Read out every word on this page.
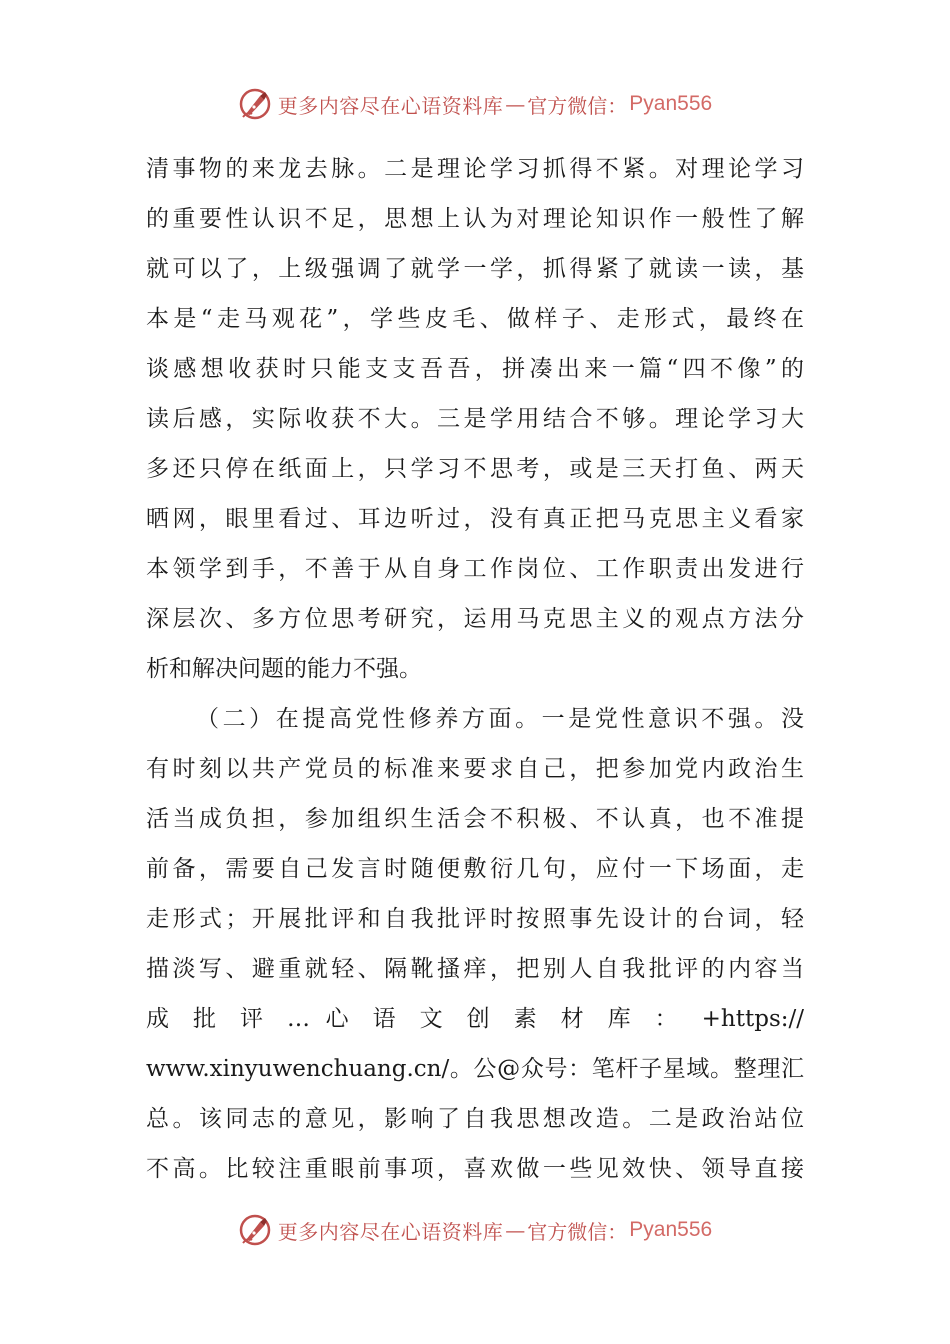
更多内容尽在心语资料库 — 官方微信： Pyan556
清事物的来龙去脉。二是理论学习抓得不紧。对理论学习
的重要性认识不足，思想上认为对理论知识作一般性了解
就可以了，上级强调了就学一学，抓得紧了就读一读，基
本是“走马观花”，学些皮毛、做样子、走形式，最终在
谈感想收获时只能支支吾吾，拼凑出来一篇“四不像”的
读后感，实际收获不大。三是学用结合不够。理论学习大
多还只停在纸面上，只学习不思考，或是三天打鱼、两天
晒网，眼里看过、耳边听过，没有真正把马克思主义看家
本领学到手，不善于从自身工作岗位、工作职责出发进行
深层次、多方位思考研究，运用马克思主义的观点方法分
析和解决问题的能力不强。
（二）在提高党性修养方面。一是党性意识不强。没
有时刻以共产党员的标准来要求自己，把参加党内政治生
活当成负担，参加组织生活会不积极、不认真，也不准提
前备，需要自己发言时随便敷衍几句，应付一下场面，走
走形式；开展批评和自我批评时按照事先设计的台词，轻
描淡写、避重就轻、隔靴搔痒，把别人自我批评的内容当
成 批 评 … 心 语 文 创 素 材 库 ： +https://
www.xinyuwenchuang.cn/。公@众号：笔杆子星域。整理汇
总。该同志的意见，影响了自我思想改造。二是政治站位
不高。比较注重眼前事项，喜欢做一些见效快、领导直接
更多内容尽在心语资料库 — 官方微信： Pyan556
